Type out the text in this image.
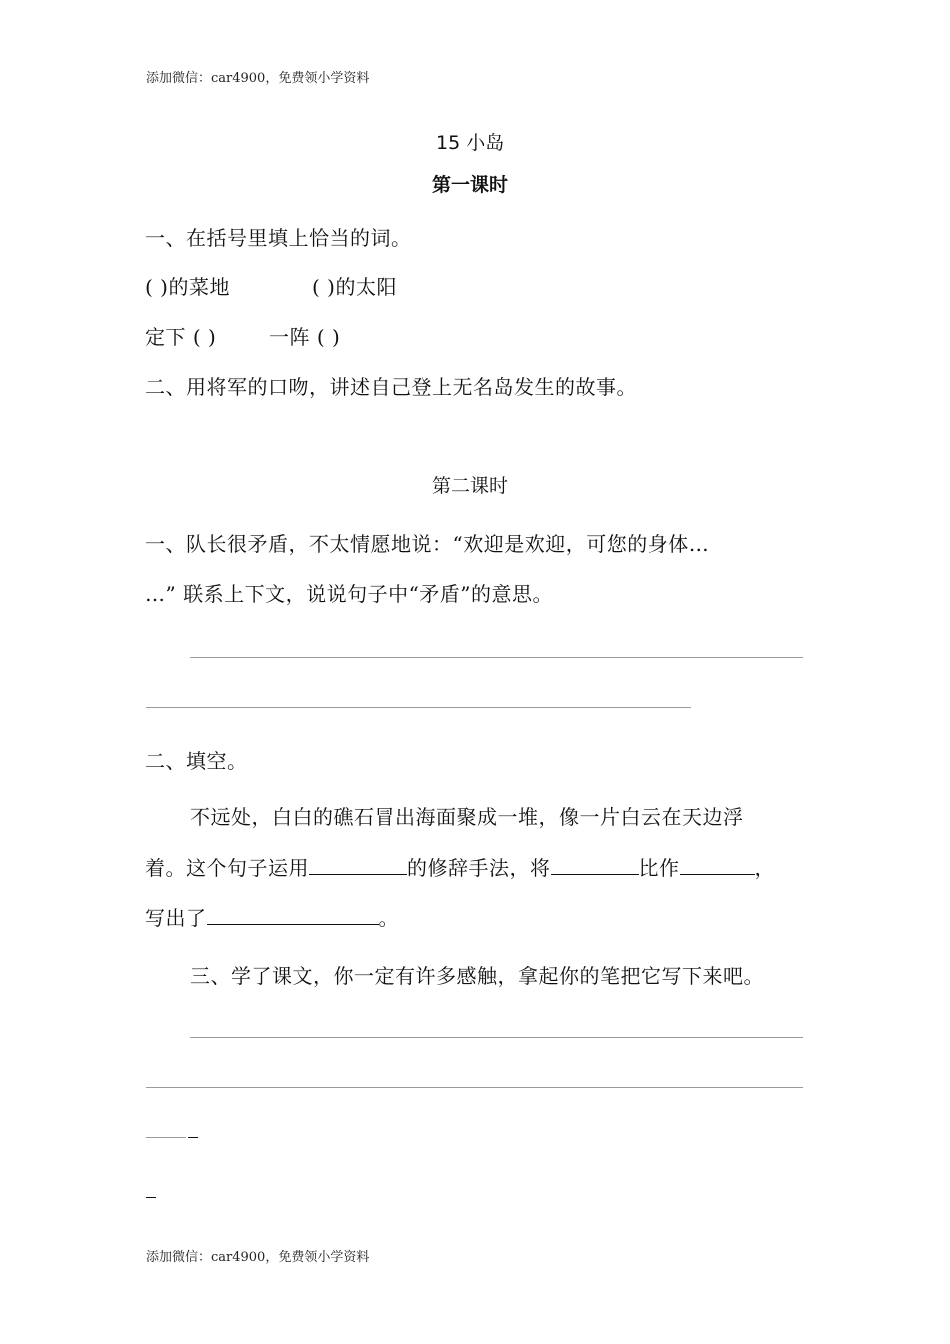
添加微信：car4900，免费领小学资料
15 小岛
第一课时
一、在括号里填上恰当的词。
( )的菜地	( )的太阳
定下 ( )	一阵 ( )
二、用将军的口吻，讲述自己登上无名岛发生的故事。
第二课时
一、队长很矛盾，不太情愿地说：“欢迎是欢迎，可您的身体…
…” 联系上下文，说说句子中“矛盾”的意思。
二、填空。
不远处，白白的礁石冒出海面聚成一堆，像一片白云在天边浮
着。这个句子运用	的修辞手法，将	比作	，
写出了	。
三、学了课文，你一定有许多感触，拿起你的笔把它写下来吧。
添加微信：car4900，免费领小学资料
